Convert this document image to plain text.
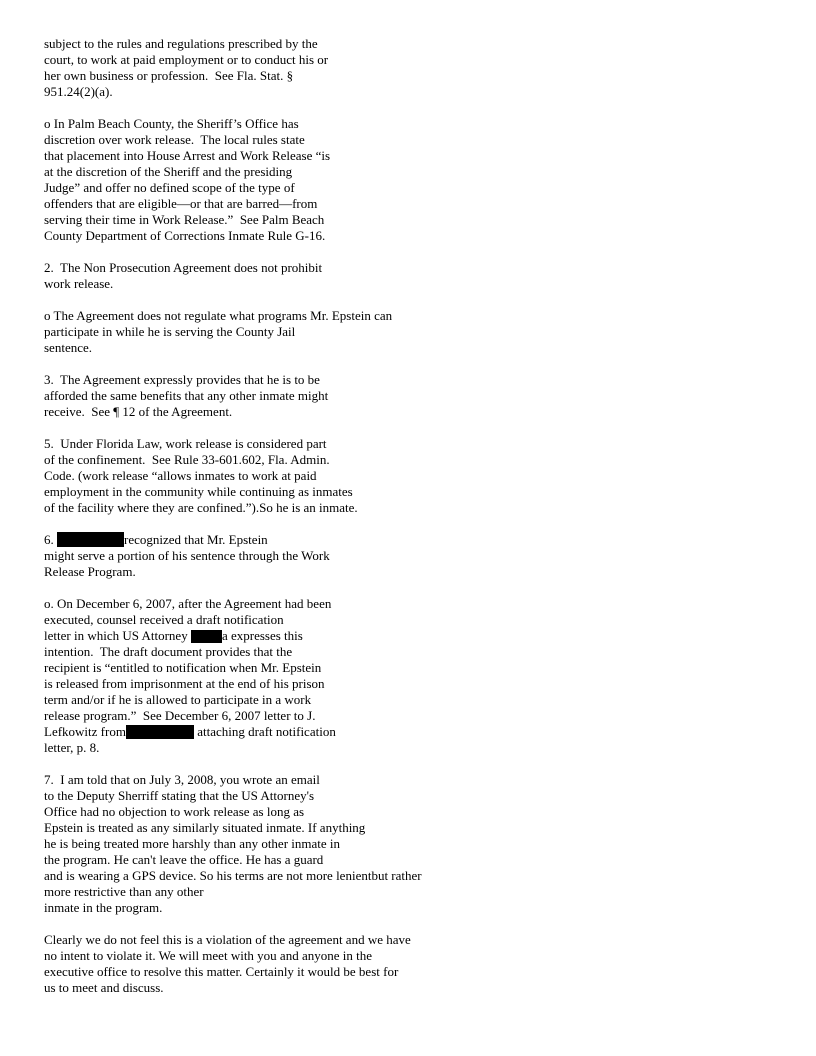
subject to the rules and regulations prescribed by the
court, to work at paid employment or to conduct his or
her own business or profession.  See Fla. Stat. §
951.24(2)(a).
o In Palm Beach County, the Sheriff’s Office has
discretion over work release.  The local rules state
that placement into House Arrest and Work Release “is
at the discretion of the Sheriff and the presiding
Judge” and offer no defined scope of the type of
offenders that are eligible—or that are barred—from
serving their time in Work Release.”  See Palm Beach
County Department of Corrections Inmate Rule G-16.
2.  The Non Prosecution Agreement does not prohibit
work release.
o The Agreement does not regulate what programs Mr. Epstein can
participate in while he is serving the County Jail
sentence.
3.  The Agreement expressly provides that he is to be
afforded the same benefits that any other inmate might
receive.  See ¶ 12 of the Agreement.
5.  Under Florida Law, work release is considered part
of the confinement.  See Rule 33-601.602, Fla. Admin.
Code. (work release “allows inmates to work at paid
employment in the community while continuing as inmates
of the facility where they are confined.”).So he is an inmate.
6.	recognized that Mr. Epstein
might serve a portion of his sentence through the Work
Release Program.
o. On December 6, 2007, after the Agreement had been
executed, counsel received a draft notification
letter in which US Attorney a expresses this
intention.  The draft document provides that the
recipient is “entitled to notification when Mr. Epstein
is released from imprisonment at the end of his prison
term and/or if he is allowed to participate in a work
release program.”  See December 6, 2007 letter to J.
Lefkowitz from	attaching draft notification
letter, p. 8.
7.  I am told that on July 3, 2008, you wrote an email
to the Deputy Sherriff stating that the US Attorney's
Office had no objection to work release as long as
Epstein is treated as any similarly situated inmate. If anything
he is being treated more harshly than any other inmate in
the program. He can't leave the office. He has a guard
and is wearing a GPS device. So his terms are not more lenientbut rather
more restrictive than any other
inmate in the program.
Clearly we do not feel this is a violation of the agreement and we have
no intent to violate it. We will meet with you and anyone in the
executive office to resolve this matter. Certainly it would be best for
us to meet and discuss.
